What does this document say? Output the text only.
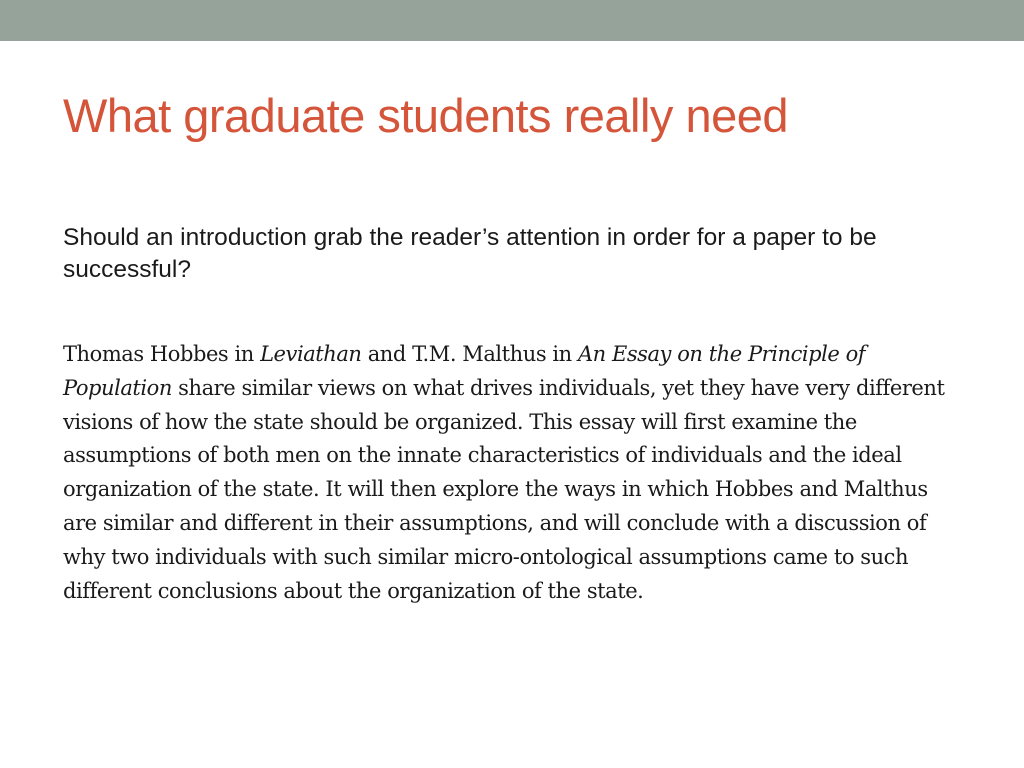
What graduate students really need

Should an introduction grab the reader’s attention in order for a paper to be successful?

Thomas Hobbes in Leviathan and T.M. Malthus in An Essay on the Principle of Population share similar views on what drives individuals, yet they have very different visions of how the state should be organized. This essay will first examine the assumptions of both men on the innate characteristics of individuals and the ideal organization of the state. It will then explore the ways in which Hobbes and Malthus are similar and different in their assumptions, and will conclude with a discussion of why two individuals with such similar micro-ontological assumptions came to such different conclusions about the organization of the state.
